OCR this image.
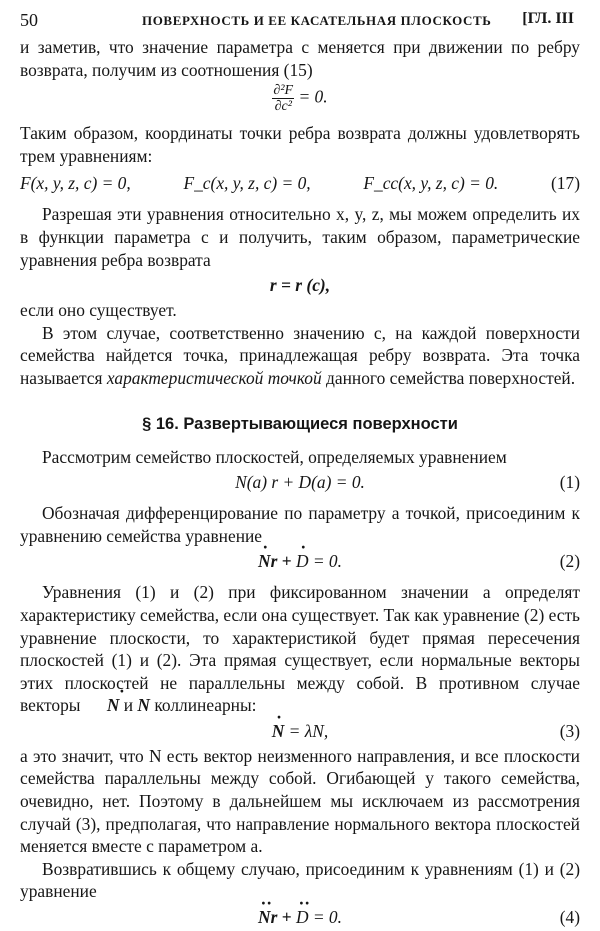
50	ПОВЕРХНОСТЬ И ЕЕ КАСАТЕЛЬНАЯ ПЛОСКОСТЬ [ГЛ. III

и заметив, что значение параметра c меняется при движении по ребру возврата, получим из соотношения (15)

$\frac{\text{∂²F}}{\text{∂c²}} = 0$.

Таким образом, координаты точки ребра возврата должны удовлетворять трем уравнениям:

F(x, y, z, c) = 0,	F_c(x, y, z, c) = 0,	F_cc(x, y, z, c) = 0.	(17)

Разрешая эти уравнения относительно x, y, z, мы можем определить их в функции параметра c и получить, таким образом, параметрические уравнения ребра возврата

r = r (c),

если оно существует.

В этом случае, соответственно значению c, на каждой поверхности семейства найдется точка, принадлежащая ребру возврата. Эта точка называется характеристической точкой данного семейства поверхностей.

§ 16. Развертывающиеся поверхности

Рассмотрим семейство плоскостей, определяемых уравнением

N(a) r + D(a) = 0.	(1)

Обозначая дифференцирование по параметру a точкой, присоединим к уравнению семейства уравнение

· Nr + · D = 0.	(2)

Уравнения (1) и (2) при фиксированном значении a определят характеристику семейства, если она существует. Так как уравнение (2) есть уравнение плоскости, то характеристикой будет прямая пересечения плоскостей (1) и (2). Эта прямая существует, если нормальные векторы этих плоскостей не параллельны между собой. В противном случае векторы · N и N коллинеарны:

· N = λN,	(3)

а это значит, что N есть вектор неизменного направления, и все плоскости семейства параллельны между собой. Огибающей у такого семейства, очевидно, нет. Поэтому в дальнейшем мы исключаем из рассмотрения случай (3), предполагая, что направление нормального вектора плоскостей меняется вместе с параметром a.

Возвратившись к общему случаю, присоединим к уравнениям (1) и (2) уравнение

·· Nr + ·· D = 0.	(4)
